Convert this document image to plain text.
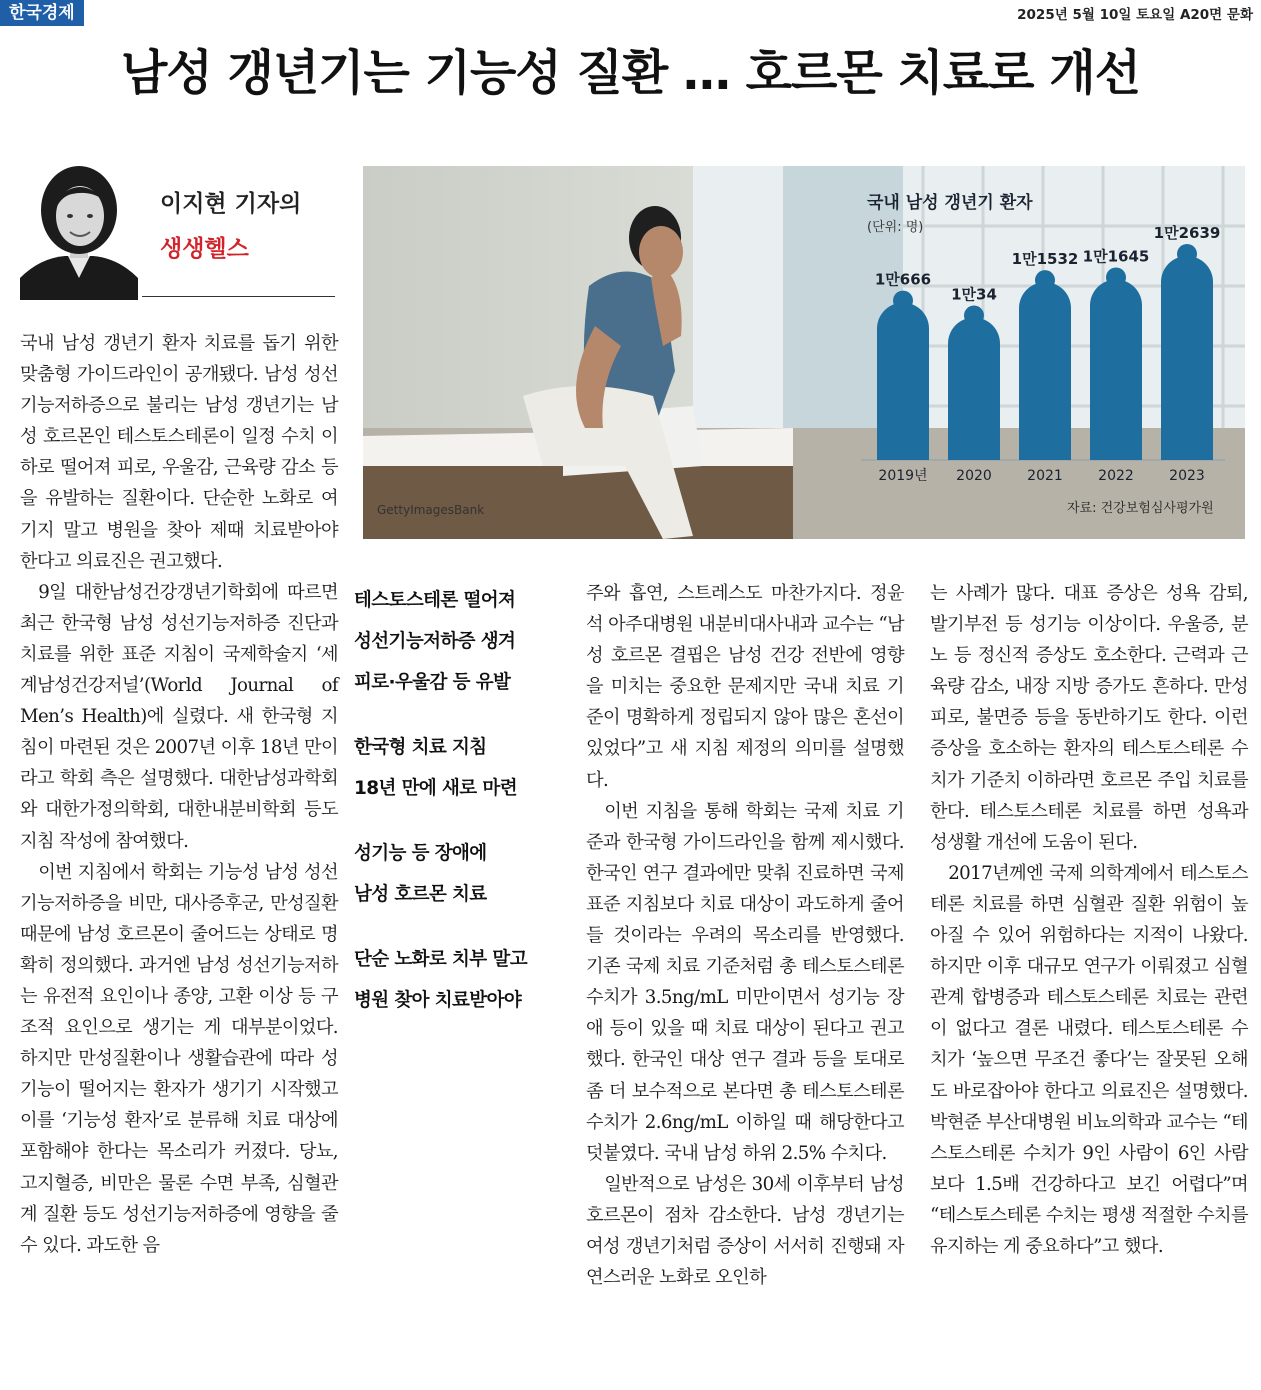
한국경제	2025년 5월 10일 토요일 A20면 문화
남성 갱년기는 기능성 질환 … 호르몬 치료로 개선
이지현 기자의
생생헬스
국내 남성 갱년기 환자
(단위: 명)
1만666
2019년
1만34
2020
1만1532
2021
1만1645
2022
1만2639
2023
자료: 건강보험심사평가원
GettyImagesBank

국내 남성 갱년기 환자 치료를 돕기 위한 맞춤형 가이드라인이 공개됐다. 남성 성선기능저하증으로 불리는 남성 갱년기는 남성 호르몬인 테스토스테론이 일정 수치 이하로 떨어져 피로, 우울감, 근육량 감소 등을 유발하는 질환이다. 단순한 노화로 여기지 말고 병원을 찾아 제때 치료받아야 한다고 의료진은 권고했다.

9일 대한남성건강갱년기학회에 따르면 최근 한국형 남성 성선기능저하증 진단과 치료를 위한 표준 지침이 국제학술지 ‘세계남성건강저널’(World Journal of Men’s Health)에 실렸다. 새 한국형 지침이 마련된 것은 2007년 이후 18년 만이라고 학회 측은 설명했다. 대한남성과학회와 대한가정의학회, 대한내분비학회 등도 지침 작성에 참여했다.

이번 지침에서 학회는 기능성 남성 성선기능저하증을 비만, 대사증후군, 만성질환 때문에 남성 호르몬이 줄어드는 상태로 명확히 정의했다. 과거엔 남성 성선기능저하는 유전적 요인이나 종양, 고환 이상 등 구조적 요인으로 생기는 게 대부분이었다. 하지만 만성질환이나 생활습관에 따라 성기능이 떨어지는 환자가 생기기 시작했고 이를 ‘기능성 환자’로 분류해 치료 대상에 포함해야 한다는 목소리가 커졌다. 당뇨, 고지혈증, 비만은 물론 수면 부족, 심혈관계 질환 등도 성선기능저하증에 영향을 줄 수 있다. 과도한 음

테스토스테론 떨어져
성선기능저하증 생겨
피로·우울감 등 유발
한국형 치료 지침
18년 만에 새로 마련
성기능 등 장애에
남성 호르몬 치료
단순 노화로 치부 말고
병원 찾아 치료받아야

주와 흡연, 스트레스도 마찬가지다. 정윤석 아주대병원 내분비대사내과 교수는 “남성 호르몬 결핍은 남성 건강 전반에 영향을 미치는 중요한 문제지만 국내 치료 기준이 명확하게 정립되지 않아 많은 혼선이 있었다”고 새 지침 제정의 의미를 설명했다.

이번 지침을 통해 학회는 국제 치료 기준과 한국형 가이드라인을 함께 제시했다. 한국인 연구 결과에만 맞춰 진료하면 국제 표준 지침보다 치료 대상이 과도하게 줄어들 것이라는 우려의 목소리를 반영했다. 기존 국제 치료 기준처럼 총 테스토스테론 수치가 3.5ng/mL 미만이면서 성기능 장애 등이 있을 때 치료 대상이 된다고 권고했다. 한국인 대상 연구 결과 등을 토대로 좀 더 보수적으로 본다면 총 테스토스테론 수치가 2.6ng/mL 이하일 때 해당한다고 덧붙였다. 국내 남성 하위 2.5% 수치다.

일반적으로 남성은 30세 이후부터 남성 호르몬이 점차 감소한다. 남성 갱년기는 여성 갱년기처럼 증상이 서서히 진행돼 자연스러운 노화로 오인하

는 사례가 많다. 대표 증상은 성욕 감퇴, 발기부전 등 성기능 이상이다. 우울증, 분노 등 정신적 증상도 호소한다. 근력과 근육량 감소, 내장 지방 증가도 흔하다. 만성피로, 불면증 등을 동반하기도 한다. 이런 증상을 호소하는 환자의 테스토스테론 수치가 기준치 이하라면 호르몬 주입 치료를 한다. 테스토스테론 치료를 하면 성욕과 성생활 개선에 도움이 된다.

2017년께엔 국제 의학계에서 테스토스테론 치료를 하면 심혈관 질환 위험이 높아질 수 있어 위험하다는 지적이 나왔다. 하지만 이후 대규모 연구가 이뤄졌고 심혈관계 합병증과 테스토스테론 치료는 관련이 없다고 결론 내렸다. 테스토스테론 수치가 ‘높으면 무조건 좋다’는 잘못된 오해도 바로잡아야 한다고 의료진은 설명했다. 박현준 부산대병원 비뇨의학과 교수는 “테스토스테론 수치가 9인 사람이 6인 사람보다 1.5배 건강하다고 보긴 어렵다”며 “테스토스테론 수치는 평생 적절한 수치를 유지하는 게 중요하다”고 했다.
